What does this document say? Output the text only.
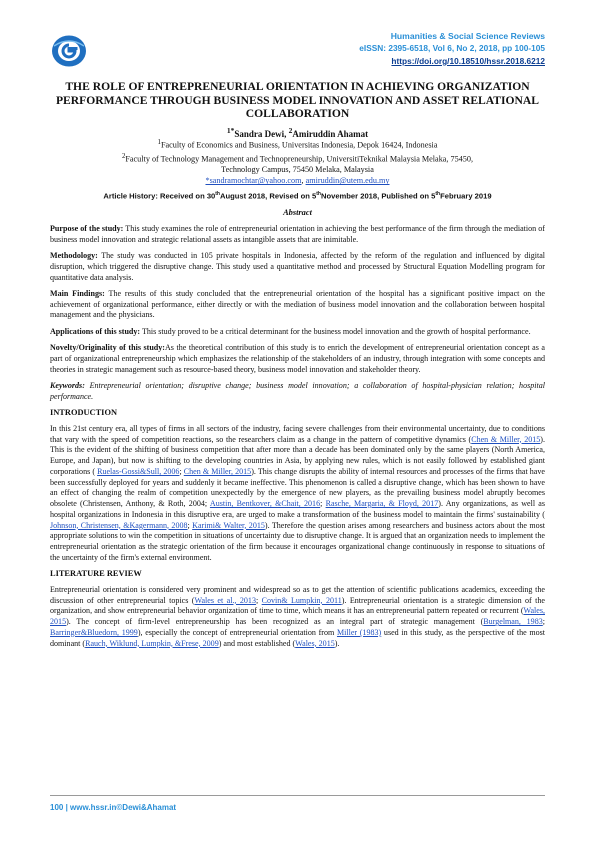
Humanities & Social Science Reviews
eISSN: 2395-6518, Vol 6, No 2, 2018, pp 100-105
https://doi.org/10.18510/hssr.2018.6212
THE ROLE OF ENTREPRENEURIAL ORIENTATION IN ACHIEVING ORGANIZATION PERFORMANCE THROUGH BUSINESS MODEL INNOVATION AND ASSET RELATIONAL COLLABORATION
$^{1*}$Sandra Dewi, $^2$Amiruddin Ahamat
$^1$Faculty of Economics and Business, Universitas Indonesia, Depok 16424, Indonesia
$^2$Faculty of Technology Management and Technopreneurship, UniversitiTeknikal Malaysia Melaka, 75450,
Technology Campus, 75450 Melaka, Malaysia
*sandramochtar@yahoo.com, amiruddin@utem.edu.my
Article History: Received on 30thAugust 2018, Revised on 5thNovember 2018, Published on 5thFebruary 2019
Abstract

Purpose of the study: This study examines the role of entrepreneurial orientation in achieving the best performance of the firm through the mediation of business model innovation and strategic relational assets as intangible assets that are inimitable.

Methodology: The study was conducted in 105 private hospitals in Indonesia, affected by the reform of the regulation and influenced by digital disruption, which triggered the disruptive change. This study used a quantitative method and processed by Structural Equation Modelling program for quantitative data analysis.

Main Findings: The results of this study concluded that the entrepreneurial orientation of the hospital has a significant positive impact on the achievement of organizational performance, either directly or with the mediation of business model innovation and the collaboration between hospital management and the physicians.

Applications of this study: This study proved to be a critical determinant for the business model innovation and the growth of hospital performance.

Novelty/Originality of this study:As the theoretical contribution of this study is to enrich the development of entrepreneurial orientation concept as a part of organizational entrepreneurship which emphasizes the relationship of the stakeholders of an industry, through integration with some concepts and theories in strategic management such as resource-based theory, business model innovation and stakeholder theory.

Keywords: Entrepreneurial orientation; disruptive change; business model innovation; a collaboration of hospital-physician relation; hospital performance.

INTRODUCTION

In this 21st century era, all types of firms in all sectors of the industry, facing severe challenges from their environmental uncertainty, due to conditions that vary with the speed of competition reactions, so the researchers claim as a change in the pattern of competitive dynamics (Chen & Miller, 2015). This is the evident of the shifting of business competition that after more than a decade has been dominated only by the same players (North America, Europe, and Japan), but now is shifting to the developing countries in Asia, by applying new rules, which is not easily followed by established giant corporations ( Ruelas-Gossi&Sull, 2006; Chen & Miller, 2015). This change disrupts the ability of internal resources and processes of the firms that have been successfully deployed for years and suddenly it became ineffective. This phenomenon is called a disruptive change, which has been shown to have an effect of changing the realm of competition unexpectedly by the emergence of new players, as the prevailing business model abruptly becomes obsolete (Christensen, Anthony, & Roth, 2004; Austin, Bentkover, &Chait, 2016; Rasche, Margaria, & Floyd, 2017). Any organizations, as well as hospital organizations in Indonesia in this disruptive era, are urged to make a transformation of the business model to maintain the firms' sustainability ( Johnson, Christensen, &Kagermann, 2008; Karimi& Walter, 2015). Therefore the question arises among researchers and business actors about the most appropriate solutions to win the competition in situations of uncertainty due to disruptive change. It is argued that an organization needs to implement the entrepreneurial orientation as the strategic orientation of the firm because it encourages organizational change continuously in response to situations of the uncertainty of the firm's external environment.

LITERATURE REVIEW

Entrepreneurial orientation is considered very prominent and widespread so as to get the attention of scientific publications academics, exceeding the discussion of other entrepreneurial topics (Wales et al., 2013; Covin& Lumpkin, 2011). Entrepreneurial orientation is a strategic dimension of the organization, and show entrepreneurial behavior organization of time to time, which means it has an entrepreneurial pattern repeated or recurrent (Wales, 2015). The concept of firm-level entrepreneurship has been recognized as an integral part of strategic management (Burgelman, 1983; Barringer&Bluedorn, 1999), especially the concept of entrepreneurial orientation from Miller (1983) used in this study, as the perspective of the most dominant (Rauch, Wiklund, Lumpkin, &Frese, 2009) and most established (Wales, 2015).

100 | www.hssr.in©Dewi&Ahamat
